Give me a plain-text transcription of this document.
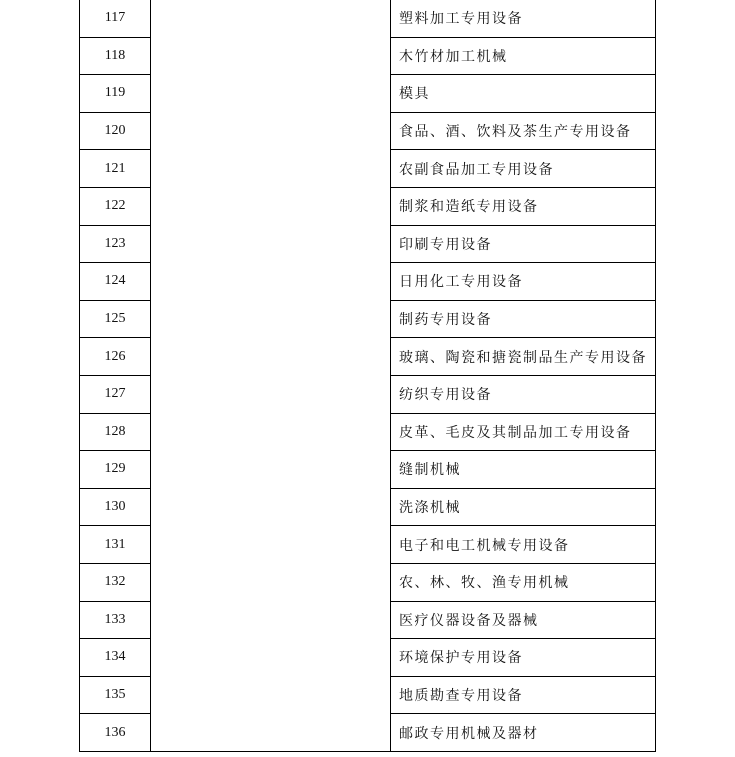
117		塑料加工专用设备
118		木竹材加工机械
119		模具
120		食品、酒、饮料及茶生产专用设备
121		农副食品加工专用设备
122		制浆和造纸专用设备
123		印刷专用设备
124		日用化工专用设备
125		制药专用设备
126		玻璃、陶瓷和搪瓷制品生产专用设备
127		纺织专用设备
128		皮革、毛皮及其制品加工专用设备
129		缝制机械
130		洗涤机械
131		电子和电工机械专用设备
132		农、林、牧、渔专用机械
133		医疗仪器设备及器械
134		环境保护专用设备
135		地质勘查专用设备
136		邮政专用机械及器材
